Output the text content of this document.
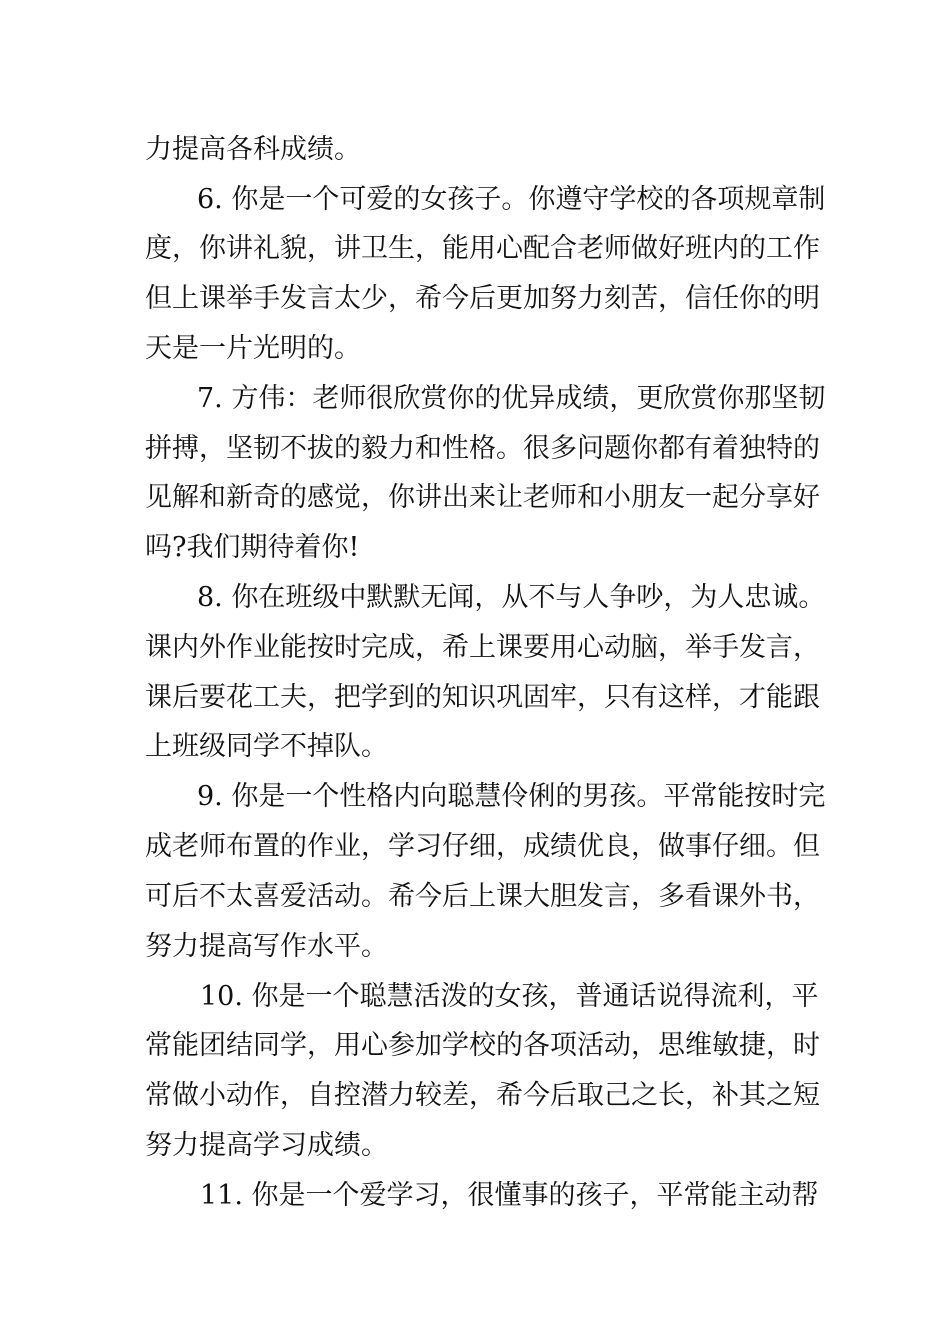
力提高各科成绩。
6. 你是一个可爱的女孩子。你遵守学校的各项规章制
度，你讲礼貌，讲卫生，能用心配合老师做好班内的工作
但上课举手发言太少，希今后更加努力刻苦，信任你的明
天是一片光明的。
7. 方伟：老师很欣赏你的优异成绩，更欣赏你那坚韧
拼搏，坚韧不拔的毅力和性格。很多问题你都有着独特的
见解和新奇的感觉，你讲出来让老师和小朋友一起分享好
吗?我们期待着你!
8. 你在班级中默默无闻，从不与人争吵，为人忠诚。
课内外作业能按时完成，希上课要用心动脑，举手发言，
课后要花工夫，把学到的知识巩固牢，只有这样，才能跟
上班级同学不掉队。
9. 你是一个性格内向聪慧伶俐的男孩。平常能按时完
成老师布置的作业，学习仔细，成绩优良，做事仔细。但
可后不太喜爱活动。希今后上课大胆发言，多看课外书，
努力提高写作水平。
10. 你是一个聪慧活泼的女孩，普通话说得流利，平
常能团结同学，用心参加学校的各项活动，思维敏捷，时
常做小动作，自控潜力较差，希今后取己之长，补其之短
努力提高学习成绩。
11. 你是一个爱学习，很懂事的孩子，平常能主动帮
